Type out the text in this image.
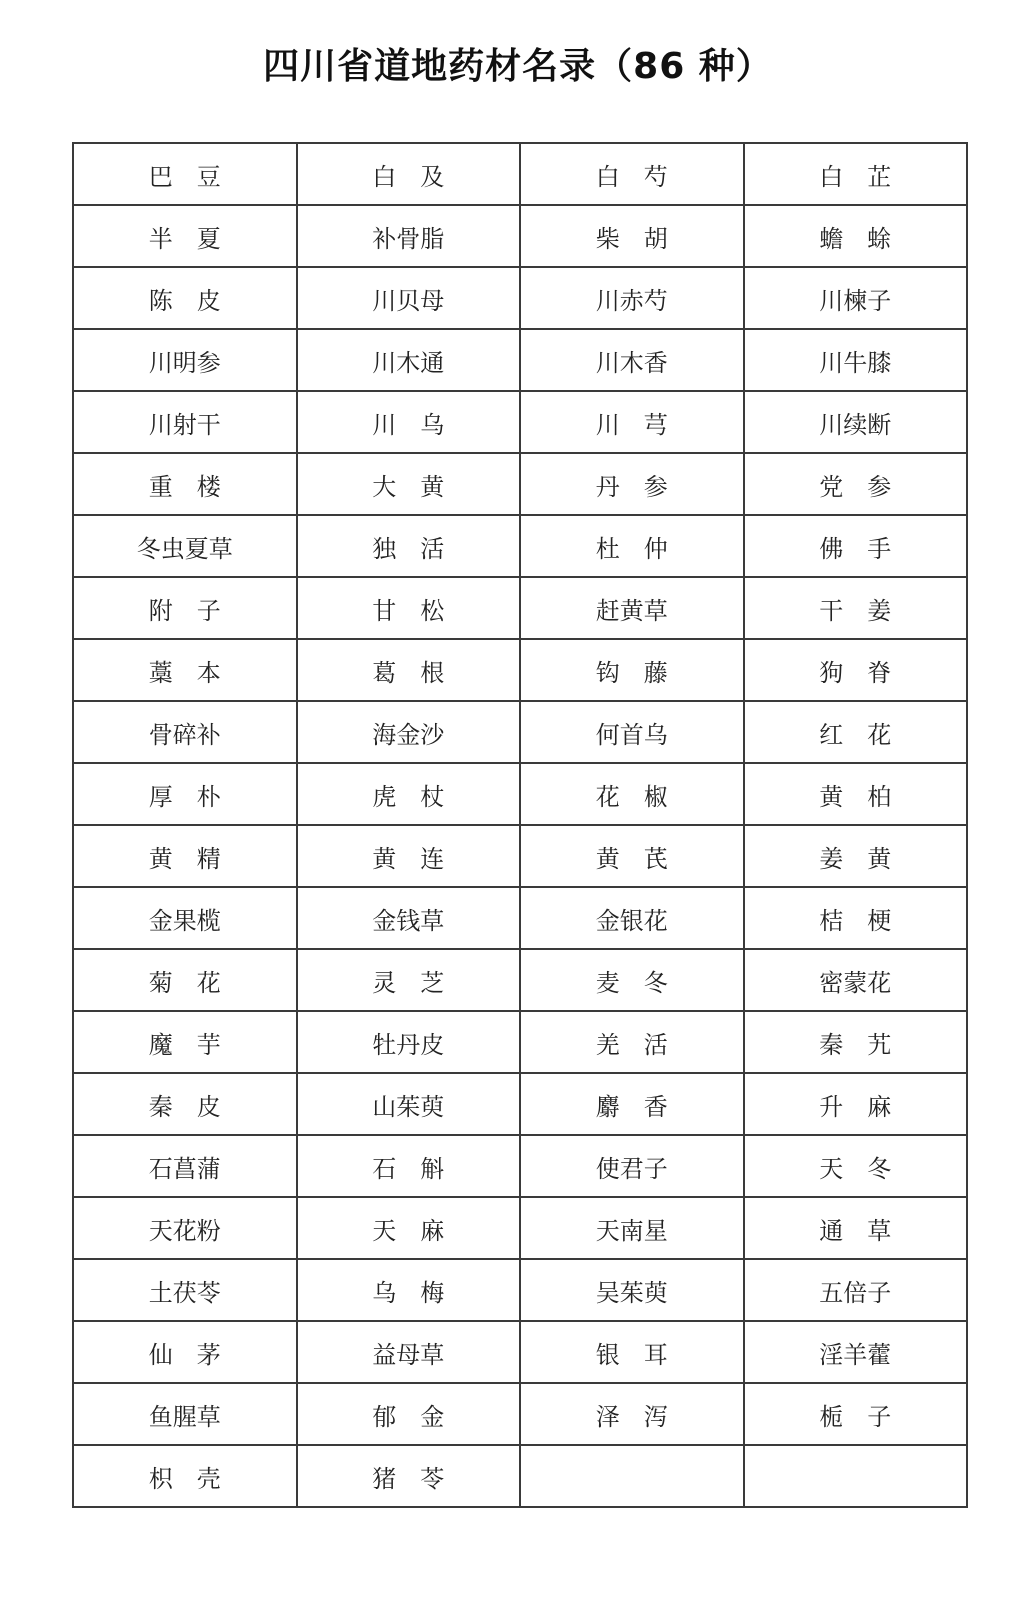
四川省道地药材名录（86 种）
巴　豆	白　及	白　芍	白　芷
半　夏	补骨脂	柴　胡	蟾　蜍
陈　皮	川贝母	川赤芍	川楝子
川明参	川木通	川木香	川牛膝
川射干	川　乌	川　芎	川续断
重　楼	大　黄	丹　参	党　参
冬虫夏草	独　活	杜　仲	佛　手
附　子	甘　松	赶黄草	干　姜
藁　本	葛　根	钩　藤	狗　脊
骨碎补	海金沙	何首乌	红　花
厚　朴	虎　杖	花　椒	黄　柏
黄　精	黄　连	黄　芪	姜　黄
金果榄	金钱草	金银花	桔　梗
菊　花	灵　芝	麦　冬	密蒙花
魔　芋	牡丹皮	羌　活	秦　艽
秦　皮	山茱萸	麝　香	升　麻
石菖蒲	石　斛	使君子	天　冬
天花粉	天　麻	天南星	通　草
土茯苓	乌　梅	吴茱萸	五倍子
仙　茅	益母草	银　耳	淫羊藿
鱼腥草	郁　金	泽　泻	栀　子
枳　壳	猪　苓		
